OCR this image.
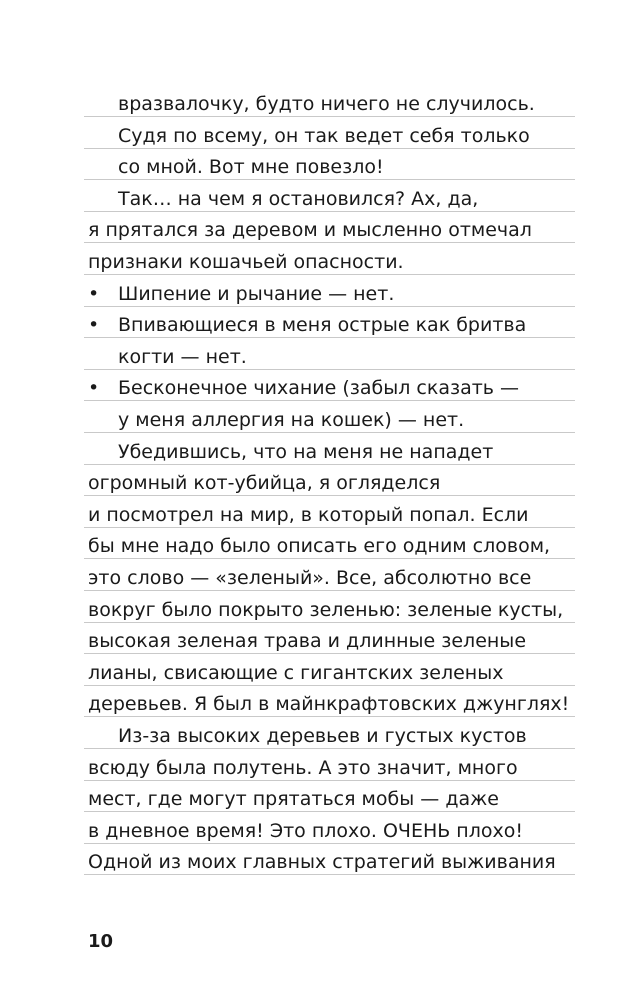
вразвалочку, будто ничего не случилось.
Судя по всему, он так ведет себя только
со мной. Вот мне повезло!
Так… на чем я остановился? Ах, да,
я прятался за деревом и мысленно отмечал
признаки кошачьей опасности.
• Шипение и рычание — нет.
• Впивающиеся в меня острые как бритва
когти — нет.
• Бесконечное чихание (забыл сказать —
у меня аллергия на кошек) — нет.
Убедившись, что на меня не нападет
огромный кот-убийца, я огляделся
и посмотрел на мир, в который попал. Если
бы мне надо было описать его одним словом,
это слово — «зеленый». Все, абсолютно все
вокруг было покрыто зеленью: зеленые кусты,
высокая зеленая трава и длинные зеленые
лианы, свисающие с гигантских зеленых
деревьев. Я был в майнкрафтовских джунглях!
Из-за высоких деревьев и густых кустов
всюду была полутень. А это значит, много
мест, где могут прятаться мобы — даже
в дневное время! Это плохо. ОЧЕНЬ плохо!
Одной из моих главных стратегий выживания
10
